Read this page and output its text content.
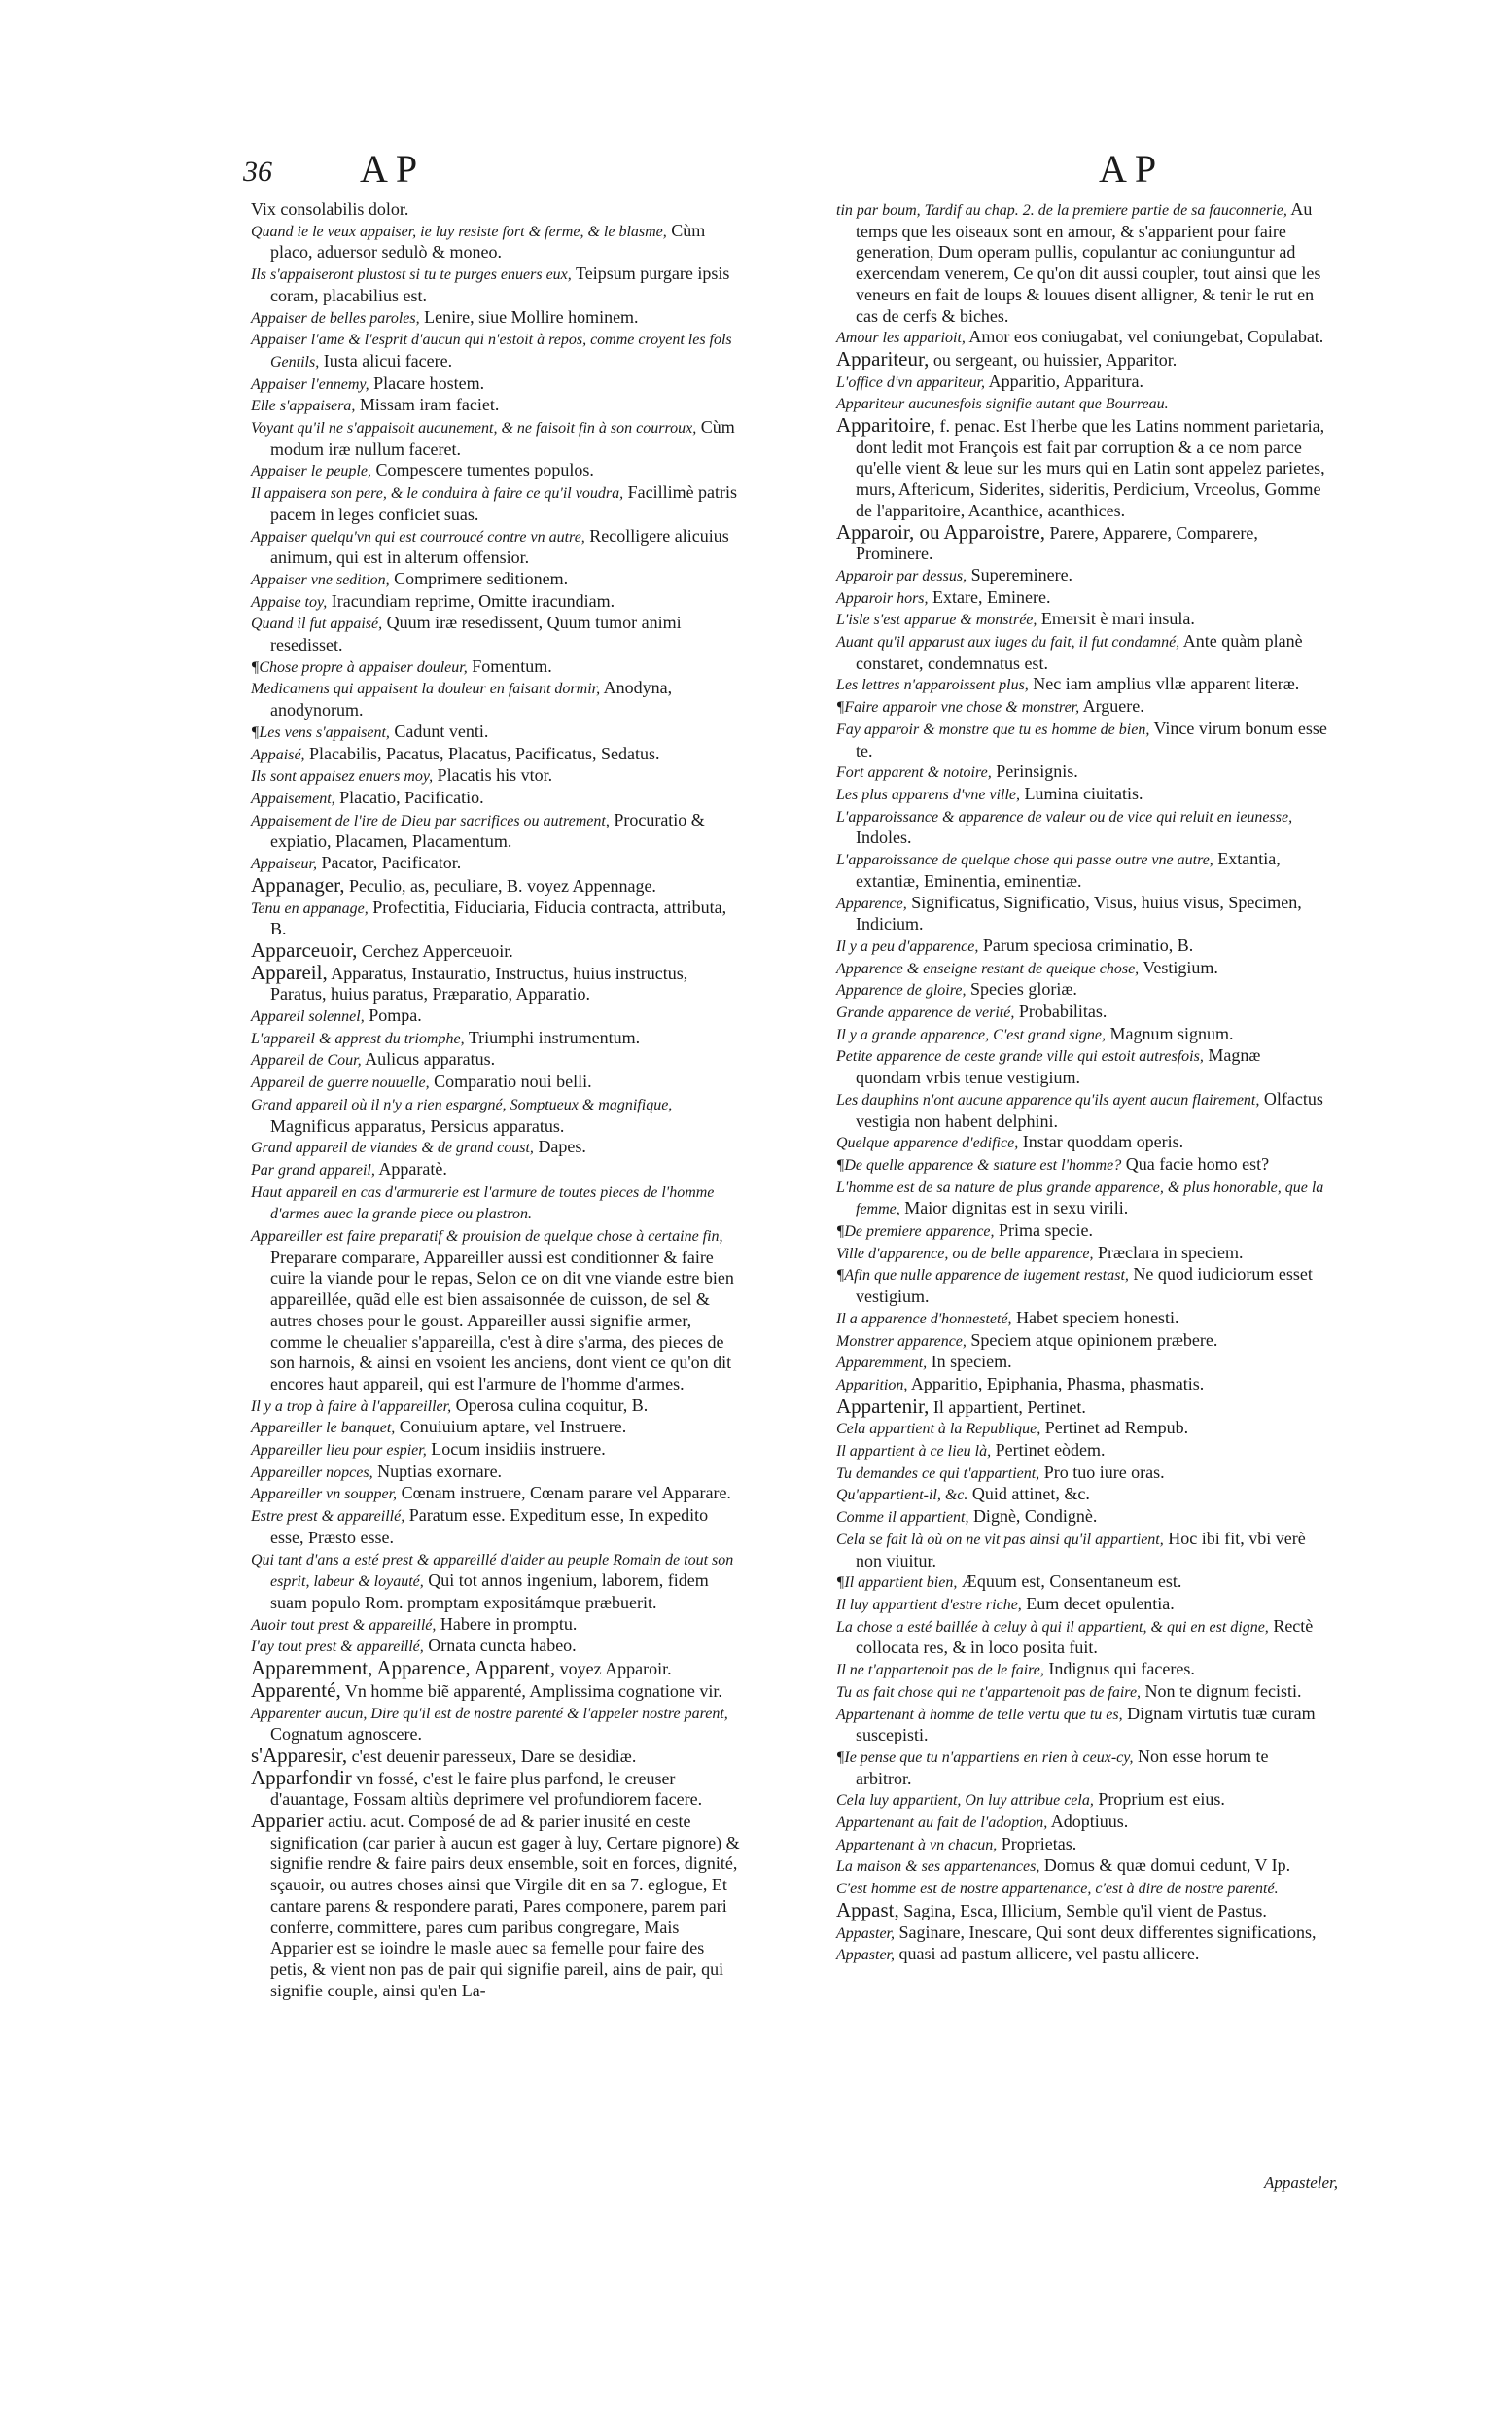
36 AP	AP

Vix consolabilis dolor.

Quand ie le veux appaiser, ie luy resiste fort & ferme, & le blasme, Cùm placo, aduersor sedulò & moneo.

Ils s'appaiseront plustost si tu te purges enuers eux, Teipsum purgare ipsis coram, placabilius est.

Appaiser de belles paroles, Lenire, siue Mollire hominem.

Appaiser l'ame & l'esprit d'aucun qui n'estoit à repos, comme croyent les fols Gentils, Iusta alicui facere.

Appaiser l'ennemy, Placare hostem.

Elle s'appaisera, Missam iram faciet.

Voyant qu'il ne s'appaisoit aucunement, & ne faisoit fin à son courroux, Cùm modum iræ nullum faceret.

Appaiser le peuple, Compescere tumentes populos.

Il appaisera son pere, & le conduira à faire ce qu'il voudra, Facillimè patris pacem in leges conficiet suas.

Appaiser quelqu'vn qui est courroucé contre vn autre, Recolligere alicuius animum, qui est in alterum offensior.

Appaiser vne sedition, Comprimere seditionem.

Appaise toy, Iracundiam reprime, Omitte iracundiam.

Quand il fut appaisé, Quum iræ resedissent, Quum tumor animi resedisset.

¶Chose propre à appaiser douleur, Fomentum.

Medicamens qui appaisent la douleur en faisant dormir, Anodyna, anodynorum.

¶Les vens s'appaisent, Cadunt venti.

Appaisé, Placabilis, Pacatus, Placatus, Pacificatus, Sedatus.

Ils sont appaisez enuers moy, Placatis his vtor.

Appaisement, Placatio, Pacificatio.

Appaisement de l'ire de Dieu par sacrifices ou autrement, Procuratio & expiatio, Placamen, Placamentum.

Appaiseur, Pacator, Pacificator.

Appanager, Peculio, as, peculiare, B. voyez Appennage.

Tenu en appanage, Profectitia, Fiduciaria, Fiducia contracta, attributa, B.

Apparceuoir, Cerchez Apperceuoir.

Appareil, Apparatus, Instauratio, Instructus, huius instructus, Paratus, huius paratus, Præparatio, Apparatio.

Appareil solennel, Pompa.

L'appareil & apprest du triomphe, Triumphi instrumentum.

Appareil de Cour, Aulicus apparatus.

Appareil de guerre nouuelle, Comparatio noui belli.

Grand appareil où il n'y a rien espargné, Somptueux & magnifique, Magnificus apparatus, Persicus apparatus.

Grand appareil de viandes & de grand coust, Dapes.

Par grand appareil, Apparatè.

Haut appareil en cas d'armurerie est l'armure de toutes pieces de l'homme d'armes auec la grande piece ou plastron.

Appareiller est faire preparatif & prouision de quelque chose à certaine fin, Preparare comparare, Appareiller aussi est conditionner & faire cuire la viande pour le repas, Selon ce on dit vne viande estre bien appareillée, quãd elle est bien assaisonnée de cuisson, de sel & autres choses pour le goust. Appareiller aussi signifie armer, comme le cheualier s'appareilla, c'est à dire s'arma, des pieces de son harnois, & ainsi en vsoient les anciens, dont vient ce qu'on dit encores haut appareil, qui est l'armure de l'homme d'armes.

Il y a trop à faire à l'appareiller, Operosa culina coquitur, B.

Appareiller le banquet, Conuiuium aptare, vel Instruere.

Appareiller lieu pour espier, Locum insidiis instruere.

Appareiller nopces, Nuptias exornare.

Appareiller vn soupper, Cœnam instruere, Cœnam parare vel Apparare.

Estre prest & appareillé, Paratum esse. Expeditum esse, In expedito esse, Præsto esse.

Qui tant d'ans a esté prest & appareillé d'aider au peuple Romain de tout son esprit, labeur & loyauté, Qui tot annos ingenium, laborem, fidem suam populo Rom. promptam expositámque præbuerit.

Auoir tout prest & appareillé, Habere in promptu.

I'ay tout prest & appareillé, Ornata cuncta habeo.

Apparemment, Apparence, Apparent, voyez Apparoir.

Apparenté, Vn homme biẽ apparenté, Amplissima cognatione vir.

Apparenter aucun, Dire qu'il est de nostre parenté & l'appeler nostre parent, Cognatum agnoscere.

s'Apparesir, c'est deuenir paresseux, Dare se desidiæ.

Apparfondir vn fossé, c'est le faire plus parfond, le creuser d'auantage, Fossam altiùs deprimere vel profundiorem facere.

Apparier actiu. acut. Composé de ad & parier inusité en ceste signification (car parier à aucun est gager à luy, Certare pignore) & signifie rendre & faire pairs deux ensemble, soit en forces, dignité, sçauoir, ou autres choses ainsi que Virgile dit en sa 7. eglogue, Et cantare parens & respondere parati, Pares componere, parem pari conferre, committere, pares cum paribus congregare, Mais Apparier est se ioindre le masle auec sa femelle pour faire des petis, & vient non pas de pair qui signifie pareil, ains de pair, qui signifie couple, ainsi qu'en La-

tin par boum, Tardif au chap. 2. de la premiere partie de sa fauconnerie, Au temps que les oiseaux sont en amour, & s'apparient pour faire generation, Dum operam pullis, copulantur ac coniunguntur ad exercendam venerem, Ce qu'on dit aussi coupler, tout ainsi que les veneurs en fait de loups & louues disent alligner, & tenir le rut en cas de cerfs & biches.

Amour les apparioit, Amor eos coniugabat, vel coniungebat, Copulabat.

Appariteur, ou sergeant, ou huissier, Apparitor.

L'office d'vn appariteur, Apparitio, Apparitura.

Appariteur aucunesfois signifie autant que Bourreau.

Apparitoire, f. penac. Est l'herbe que les Latins nomment parietaria, dont ledit mot François est fait par corruption & a ce nom parce qu'elle vient & leue sur les murs qui en Latin sont appelez parietes, murs, Aftericum, Siderites, sideritis, Perdicium, Vrceolus, Gomme de l'apparitoire, Acanthice, acanthices.

Apparoir, ou Apparoistre, Parere, Apparere, Comparere, Prominere.

Apparoir par dessus, Supereminere.

Apparoir hors, Extare, Eminere.

L'isle s'est apparue & monstrée, Emersit è mari insula.

Auant qu'il apparust aux iuges du fait, il fut condamné, Ante quàm planè constaret, condemnatus est.

Les lettres n'apparoissent plus, Nec iam amplius vllæ apparent literæ.

¶Faire apparoir vne chose & monstrer, Arguere.

Fay apparoir & monstre que tu es homme de bien, Vince virum bonum esse te.

Fort apparent & notoire, Perinsignis.

Les plus apparens d'vne ville, Lumina ciuitatis.

L'apparoissance & apparence de valeur ou de vice qui reluit en ieunesse, Indoles.

L'apparoissance de quelque chose qui passe outre vne autre, Extantia, extantiæ, Eminentia, eminentiæ.

Apparence, Significatus, Significatio, Visus, huius visus, Specimen, Indicium.

Il y a peu d'apparence, Parum speciosa criminatio, B.

Apparence & enseigne restant de quelque chose, Vestigium.

Apparence de gloire, Species gloriæ.

Grande apparence de verité, Probabilitas.

Il y a grande apparence, C'est grand signe, Magnum signum.

Petite apparence de ceste grande ville qui estoit autresfois, Magnæ quondam vrbis tenue vestigium.

Les dauphins n'ont aucune apparence qu'ils ayent aucun flairement, Olfactus vestigia non habent delphini.

Quelque apparence d'edifice, Instar quoddam operis.

¶De quelle apparence & stature est l'homme? Qua facie homo est?

L'homme est de sa nature de plus grande apparence, & plus honorable, que la femme, Maior dignitas est in sexu virili.

¶De premiere apparence, Prima specie.

Ville d'apparence, ou de belle apparence, Præclara in speciem.

¶Afin que nulle apparence de iugement restast, Ne quod iudiciorum esset vestigium.

Il a apparence d'honnesteté, Habet speciem honesti.

Monstrer apparence, Speciem atque opinionem præbere.

Apparemment, In speciem.

Apparition, Apparitio, Epiphania, Phasma, phasmatis.

Appartenir, Il appartient, Pertinet.

Cela appartient à la Republique, Pertinet ad Rempub.

Il appartient à ce lieu là, Pertinet eòdem.

Tu demandes ce qui t'appartient, Pro tuo iure oras.

Qu'appartient-il, &c. Quid attinet, &c.

Comme il appartient, Dignè, Condignè.

Cela se fait là où on ne vit pas ainsi qu'il appartient, Hoc ibi fit, vbi verè non viuitur.

¶Il appartient bien, Æquum est, Consentaneum est.

Il luy appartient d'estre riche, Eum decet opulentia.

La chose a esté baillée à celuy à qui il appartient, & qui en est digne, Rectè collocata res, & in loco posita fuit.

Il ne t'appartenoit pas de le faire, Indignus qui faceres.

Tu as fait chose qui ne t'appartenoit pas de faire, Non te dignum fecisti.

Appartenant à homme de telle vertu que tu es, Dignam virtutis tuæ curam suscepisti.

¶Ie pense que tu n'appartiens en rien à ceux-cy, Non esse horum te arbitror.

Cela luy appartient, On luy attribue cela, Proprium est eius.

Appartenant au fait de l'adoption, Adoptiuus.

Appartenant à vn chacun, Proprietas.

La maison & ses appartenances, Domus & quæ domui cedunt, V Ip.

C'est homme est de nostre appartenance, c'est à dire de nostre parenté.

Appast, Sagina, Esca, Illicium, Semble qu'il vient de Pastus.

Appaster, Saginare, Inescare, Qui sont deux differentes significations,

Appaster, quasi ad pastum allicere, vel pastu allicere.

Appasteler,
